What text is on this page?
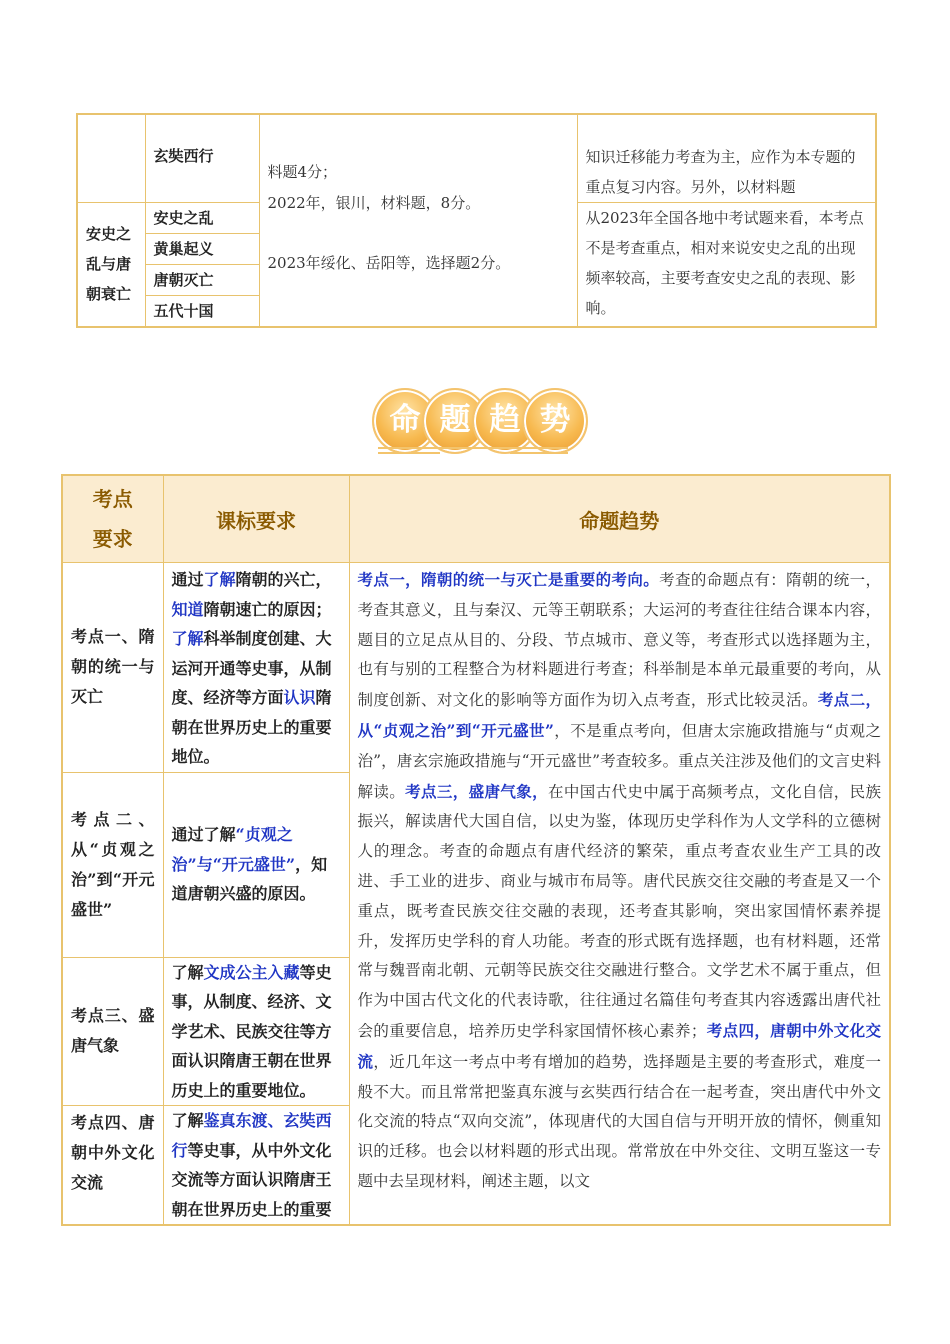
	玄奘西行	料题4分；

2022年，银川，材料题，8分。

2023年绥化、岳阳等，选择题2分。	知识迁移能力考查为主，应作为本专题的重点复习内容。另外，以材料题
安史之乱与唐朝衰亡	安史之乱		从2023年全国各地中考试题来看，本考点不是考查重点，相对来说安史之乱的出现频率较高，主要考查安史之乱的表现、影响。
	黄巢起义		
	唐朝灭亡		
	五代十国		
命 题 趋 势
考点要求	课标要求	命题趋势
考点一、隋朝的统一与灭亡	通过了解隋朝的兴亡，知道隋朝速亡的原因；了解科举制度创建、大运河开通等史事，从制度、经济等方面认识隋朝在世界历史上的重要地位。	考点一，隋朝的统一与灭亡是重要的考向。考查的命题点有：隋朝的统一，考查其意义，且与秦汉、元等王朝联系；大运河的考查往往结合课本内容，题目的立足点从目的、分段、节点城市、意义等，考查形式以选择题为主，也有与别的工程整合为材料题进行考查；科举制是本单元最重要的考向，从制度创新、对文化的影响等方面作为切入点考查，形式比较灵活。考点二，从“贞观之治”到“开元盛世”，不是重点考向，但唐太宗施政措施与“贞观之治”，唐玄宗施政措施与“开元盛世”考查较多。重点关注涉及他们的文言史料解读。考点三，盛唐气象，在中国古代史中属于高频考点，文化自信，民族振兴，解读唐代大国自信，以史为鉴，体现历史学科作为人文学科的立德树人的理念。考查的命题点有唐代经济的繁荣，重点考查农业生产工具的改进、手工业的进步、商业与城市布局等。唐代民族交往交融的考查是又一个重点，既考查民族交往交融的表现，还考查其影响，突出家国情怀素养提升，发挥历史学科的育人功能。考查的形式既有选择题，也有材料题，还常常与魏晋南北朝、元朝等民族交往交融进行整合。文学艺术不属于重点，但作为中国古代文化的代表诗歌，往往通过名篇佳句考查其内容透露出唐代社会的重要信息，培养历史学科家国情怀核心素养；考点四，唐朝中外文化交流，近几年这一考点中考有增加的趋势，选择题是主要的考查形式，难度一般不大。而且常常把鉴真东渡与玄奘西行结合在一起考查，突出唐代中外文化交流的特点“双向交流”，体现唐代的大国自信与开明开放的情怀，侧重知识的迁移。也会以材料题的形式出现。常常放在中外交往、文明互鉴这一专题中去呈现材料，阐述主题，以文
考点二、从“贞观之治”到“开元盛世”	通过了解“贞观之治”与“开元盛世”，知道唐朝兴盛的原因。	
考点三、盛唐气象	了解文成公主入藏等史事，从制度、经济、文学艺术、民族交往等方面认识隋唐王朝在世界历史上的重要地位。	
考点四、唐朝中外文化交流	了解鉴真东渡、玄奘西行等史事，从中外文化交流等方面认识隋唐王朝在世界历史上的重要	
